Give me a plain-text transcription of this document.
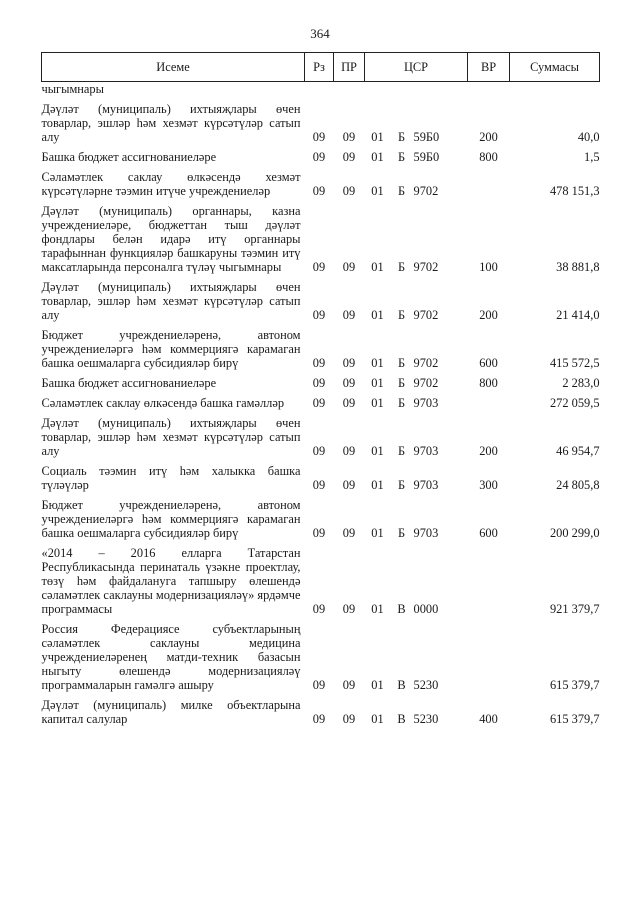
364
Исеме	Рз	ПР	ЦСР			ВР	Суммасы
чыгымнары							
Дәүләт (муниципаль) ихтыяҗлары өчен товарлар, эшләр һәм хезмәт күрсәтүләр сатып алу	09	09	01	Б	59Б0	200	40,0
Башка бюджет ассигнованиеләре	09	09	01	Б	59Б0	800	1,5
Сәламәтлек саклау өлкәсендә хезмәт күрсәтүләрне тәэмин итүче учреждениеләр	09	09	01	Б	9702		478 151,3
Дәүләт (муниципаль) органнары, казна учреждениеләре, бюджеттан тыш дәүләт фондлары белән идарә итү органнары тарафыннан функцияләр башкаруны тәэмин итү максатларында персоналга түләү чыгымнары	09	09	01	Б	9702	100	38 881,8
Дәүләт (муниципаль) ихтыяҗлары өчен товарлар, эшләр һәм хезмәт күрсәтүләр сатып алу	09	09	01	Б	9702	200	21 414,0
Бюджет учреждениеләренә, автоном учреждениеләргә һәм коммерциягә карамаган башка оешмаларга субсидияләр бирү	09	09	01	Б	9702	600	415 572,5
Башка бюджет ассигнованиеләре	09	09	01	Б	9702	800	2 283,0
Сәламәтлек саклау өлкәсендә башка гамәлләр	09	09	01	Б	9703		272 059,5
Дәүләт (муниципаль) ихтыяҗлары өчен товарлар, эшләр һәм хезмәт күрсәтүләр сатып алу	09	09	01	Б	9703	200	46 954,7
Социаль тәэмин итү һәм халыкка башка түләүләр	09	09	01	Б	9703	300	24 805,8
Бюджет учреждениеләренә, автоном учреждениеләргә һәм коммерциягә карамаган башка оешмаларга субсидияләр бирү	09	09	01	Б	9703	600	200 299,0
«2014 – 2016 елларга Татарстан Республикасында перинаталь үзәкне проектлау, төзү һәм файдалануга тапшыру өлешендә сәламәтлек саклауны модернизацияләү» ярдәмче программасы	09	09	01	В	0000		921 379,7
Россия Федерациясе субъектларының сәламәтлек саклауны медицина учреждениеләренең матди-техник базасын ныгыту өлешендә модернизацияләү программаларын гамәлгә ашыру	09	09	01	В	5230		615 379,7
Дәүләт (муниципаль) милке объектларына капитал салулар	09	09	01	В	5230	400	615 379,7
